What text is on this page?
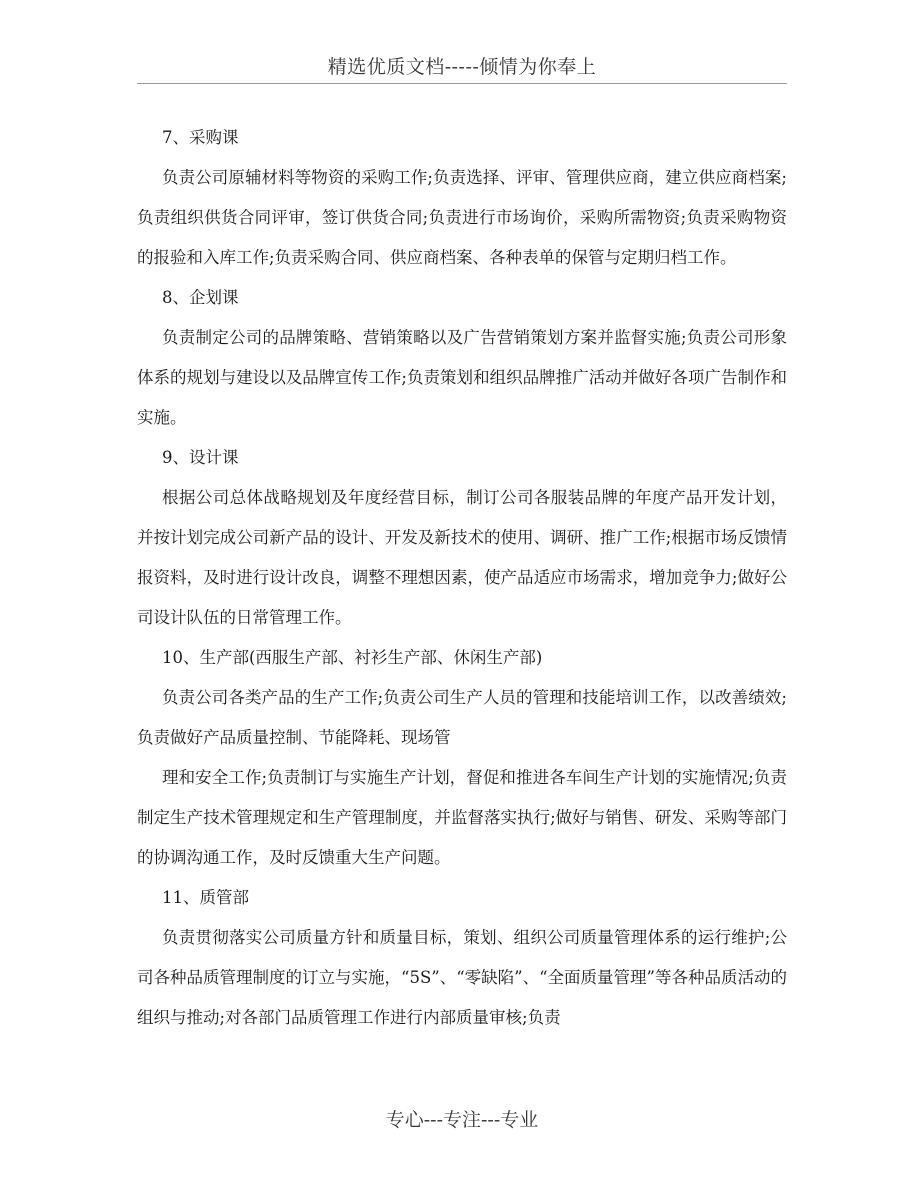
精选优质文档-----倾情为你奉上

7、采购课

负责公司原辅材料等物资的采购工作;负责选择、评审、管理供应商，建立供应商档案;负责组织供货合同评审，签订供货合同;负责进行市场询价，采购所需物资;负责采购物资的报验和入库工作;负责采购合同、供应商档案、各种表单的保管与定期归档工作。

8、企划课

负责制定公司的品牌策略、营销策略以及广告营销策划方案并监督实施;负责公司形象体系的规划与建设以及品牌宣传工作;负责策划和组织品牌推广活动并做好各项广告制作和实施。

9、设计课

根据公司总体战略规划及年度经营目标，制订公司各服装品牌的年度产品开发计划，并按计划完成公司新产品的设计、开发及新技术的使用、调研、推广工作;根据市场反馈情报资料，及时进行设计改良，调整不理想因素，使产品适应市场需求，增加竞争力;做好公司设计队伍的日常管理工作。

10、生产部(西服生产部、衬衫生产部、休闲生产部)

负责公司各类产品的生产工作;负责公司生产人员的管理和技能培训工作，以改善绩效;负责做好产品质量控制、节能降耗、现场管

理和安全工作;负责制订与实施生产计划，督促和推进各车间生产计划的实施情况;负责制定生产技术管理规定和生产管理制度，并监督落实执行;做好与销售、研发、采购等部门的协调沟通工作，及时反馈重大生产问题。

11、质管部

负责贯彻落实公司质量方针和质量目标，策划、组织公司质量管理体系的运行维护;公司各种品质管理制度的订立与实施，“5S”、“零缺陷”、“全面质量管理”等各种品质活动的组织与推动;对各部门品质管理工作进行内部质量审核;负责

专心---专注---专业
